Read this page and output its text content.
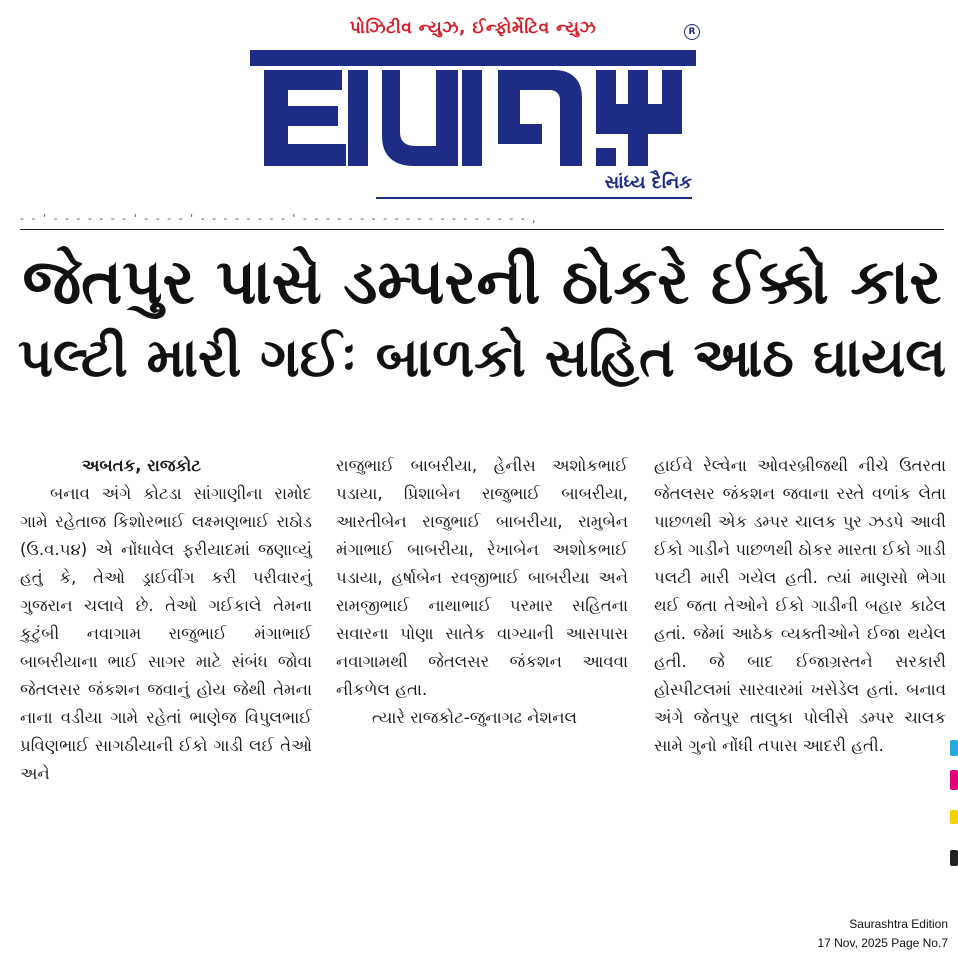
પોઝિટીવ ન્યુઝ, ઈન્ફોર્મેટિવ ન્યુઝ	R
સાંધ્ય દૈનિક
- - ' - - - - - - - ' - - - - ' - - - - - - - - ' - - - - - - - - - - - - - - - - - - - - ,
જેતપુર પાસે ડમ્પરની ઠોકરે ઈક્કો કાર
પલ્ટી મારી ગઈઃ બાળકો સહિત આઠ ઘાયલ

અબતક, રાજકોટ

બનાવ અંગે કોટડા સાંગાણીના રામોદ ગામે રહેતાજ કિશોરભાઈ લક્ષ્મણભાઈ રાઠોડ (ઉ.વ.૫૪) એ નોંધાવેલ ફરીયાદમાં જણાવ્યું હતું કે, તેઓ ડ્રાઈવીંગ કરી પરીવારનું ગુજરાન ચલાવે છે. તેઓ ગઈકાલે તેમના કુટુંબી નવાગામ રાજુભાઈ મંગાભાઈ બાબરીયાના ભાઈ સાગર માટે સંબંધ જોવા જેતલસર જંકશન જવાનું હોય જેથી તેમના નાના વડીયા ગામે રહેતાં ભાણેજ વિપુલભાઈ પ્રવિણભાઈ સાગઠીયાની ઈકો ગાડી લઈ તેઓ અને

રાજુભાઈ બાબરીયા, હેનીસ અશોકભાઈ પડાયા, પ્રિશાબેન રાજુભાઈ બાબરીયા, આરતીબેન રાજુભાઈ બાબરીયા, રામુબેન મંગાભાઈ બાબરીયા, રેખાબેન અશોકભાઈ પડાયા, હર્ષાબેન રવજીભાઈ બાબરીયા અને રામજીભાઈ નાથાભાઈ પરમાર સહિતના સવારના પોણા સાતેક વાગ્યાની આસપાસ નવાગામથી જેતલસર જંકશન આવવા નીકળેલ હતા.

ત્યારે રાજકોટ-જુનાગઢ નેશનલ

હાઈવે રેલ્વેના ઓવરબ્રીજથી નીચે ઉતરતા જેતલસર જંકશન જવાના રસ્તે વળાંક લેતા પાછળથી એક ડમ્પર ચાલક પુર ઝડપે આવી ઈકો ગાડીને પાછળથી ઠોકર મારતા ઈકો ગાડી પલટી મારી ગયેલ હતી. ત્યાં માણસો ભેગા થઈ જતા તેઓને ઈકો ગાડીની બહાર કાઢેલ હતાં. જેમાં આઠેક વ્યક્તીઓને ઈજા થયેલ હતી. જે બાદ ઈજાગ્રસ્તને સરકારી હોસ્પીટલમાં સારવારમાં ખસેડેલ હતાં. બનાવ અંગે જેતપુર તાલુકા પોલીસે ડમ્પર ચાલક સામે ગુનો નોંધી તપાસ આદરી હતી.

Saurashtra Edition
17 Nov, 2025 Page No.7
